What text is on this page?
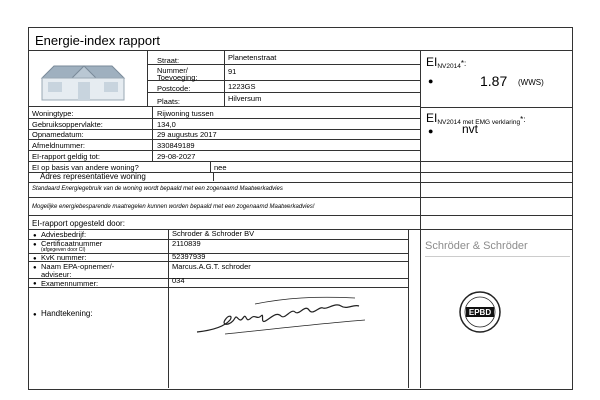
Energie-index rapport
Straat:	Planetenstraat
Nummer/
Toevoeging:
91
Postcode:	1223GS
Plaats:	Hilversum
EINV2014*:
●	1.87 (WWS)
EINV2014 met EMG verklaring*:
● nvt
Woningtype:	Rijwoning tussen
Gebruiksoppervlakte:	134,0
Opnamedatum:	29 augustus 2017
Afmeldnummer:	330849189
EI-rapport geldig tot:	29-08-2027
EI op basis van andere woning?	nee
Adres representatieve woning
Standaard Energiegebruik van de woning wordt bepaald met een zogenaamd Maatwerkadvies
Mogelijke energiebesparende maatregelen kunnen worden bepaald met een zogenaamd Maatwerkadvies!
EI-rapport opgesteld door:
● Adviesbedrijf:	Schroder & Schroder BV
● Certificaatnummer
(afgegeven door CI)
2110839
● KvK nummer:	52397939
● Naam EPA-opnemer/-
adviseur:
Marcus.A.G.T. schroder
● Examennummer:	034
● Handtekening:
Schröder & Schröder
EPBD
